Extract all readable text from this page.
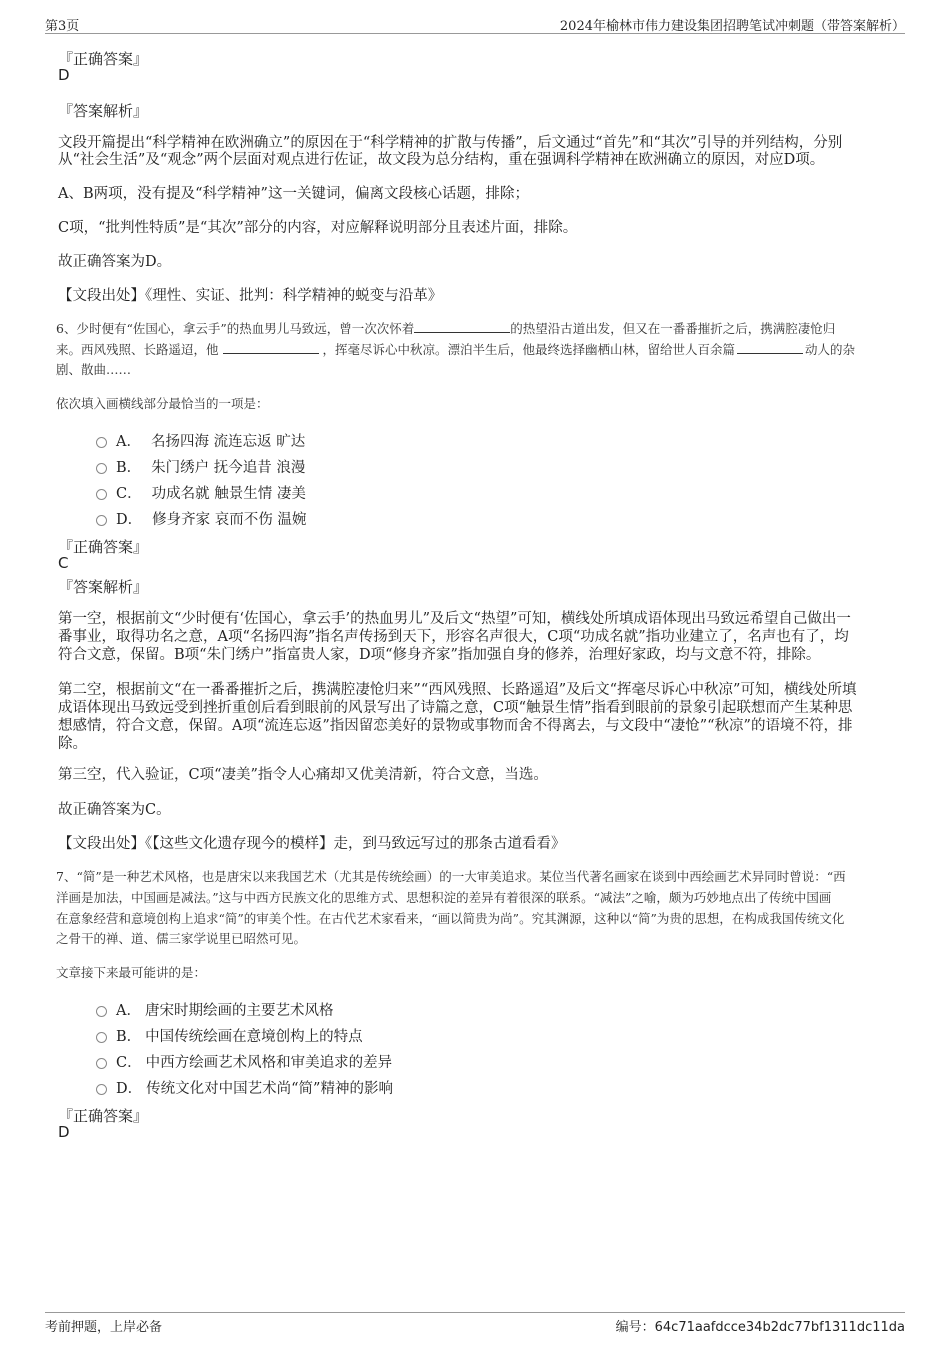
第3页	2024年榆林市伟力建设集团招聘笔试冲刺题（带答案解析）
『正确答案』
D
『答案解析』
文段开篇提出“科学精神在欧洲确立”的原因在于“科学精神的扩散与传播”，后文通过“首先”和“其次”引导的并列结构，分别
从“社会生活”及“观念”两个层面对观点进行佐证，故文段为总分结构，重在强调科学精神在欧洲确立的原因，对应D项。
A、B两项，没有提及“科学精神”这一关键词，偏离文段核心话题，排除；
C项，“批判性特质”是“其次”部分的内容，对应解释说明部分且表述片面，排除。
故正确答案为D。
【文段出处】《理性、实证、批判：科学精神的蜕变与沿革》
6、少时便有“佐国心，拿云手”的热血男儿马致远，曾一次次怀着	的热望沿古道出发，但又在一番番摧折之后，携满腔凄怆归
来。西风残照、长路遥迢，他	，挥毫尽诉心中秋凉。漂泊半生后，他最终选择幽栖山林，留给世人百余篇	动人的杂
剧、散曲……
依次填入画横线部分最恰当的一项是：
A． 名扬四海 流连忘返 旷达
B． 朱门绣户 抚今追昔 浪漫
C． 功成名就 触景生情 凄美
D． 修身齐家 哀而不伤 温婉
『正确答案』
C
『答案解析』
第一空，根据前文“少时便有‘佐国心，拿云手’的热血男儿”及后文“热望”可知，横线处所填成语体现出马致远希望自己做出一
番事业，取得功名之意，A项“名扬四海”指名声传扬到天下，形容名声很大，C项“功成名就”指功业建立了，名声也有了，均
符合文意，保留。B项“朱门绣户”指富贵人家，D项“修身齐家”指加强自身的修养，治理好家政，均与文意不符，排除。
第二空，根据前文“在一番番摧折之后，携满腔凄怆归来”“西风残照、长路遥迢”及后文“挥毫尽诉心中秋凉”可知，横线处所填
成语体现出马致远受到挫折重创后看到眼前的风景写出了诗篇之意，C项“触景生情”指看到眼前的景象引起联想而产生某种思
想感情，符合文意，保留。A项“流连忘返”指因留恋美好的景物或事物而舍不得离去，与文段中“凄怆”“秋凉”的语境不符，排
除。
第三空，代入验证，C项“凄美”指令人心痛却又优美清新，符合文意，当选。
故正确答案为C。
【文段出处】《【这些文化遗存现今的模样】走，到马致远写过的那条古道看看》
7、“简”是一种艺术风格，也是唐宋以来我国艺术（尤其是传统绘画）的一大审美追求。某位当代著名画家在谈到中西绘画艺术异同时曾说：“西
洋画是加法，中国画是减法。”这与中西方民族文化的思维方式、思想积淀的差异有着很深的联系。“减法”之喻，颇为巧妙地点出了传统中国画
在意象经营和意境创构上追求“简”的审美个性。在古代艺术家看来，“画以简贵为尚”。究其渊源，这种以“简”为贵的思想，在构成我国传统文化
之骨干的禅、道、儒三家学说里已昭然可见。
文章接下来最可能讲的是：
A． 唐宋时期绘画的主要艺术风格
B． 中国传统绘画在意境创构上的特点
C． 中西方绘画艺术风格和审美追求的差异
D． 传统文化对中国艺术尚“简”精神的影响
『正确答案』
D
考前押题，上岸必备	编号：64c71aafdcce34b2dc77bf1311dc11da
